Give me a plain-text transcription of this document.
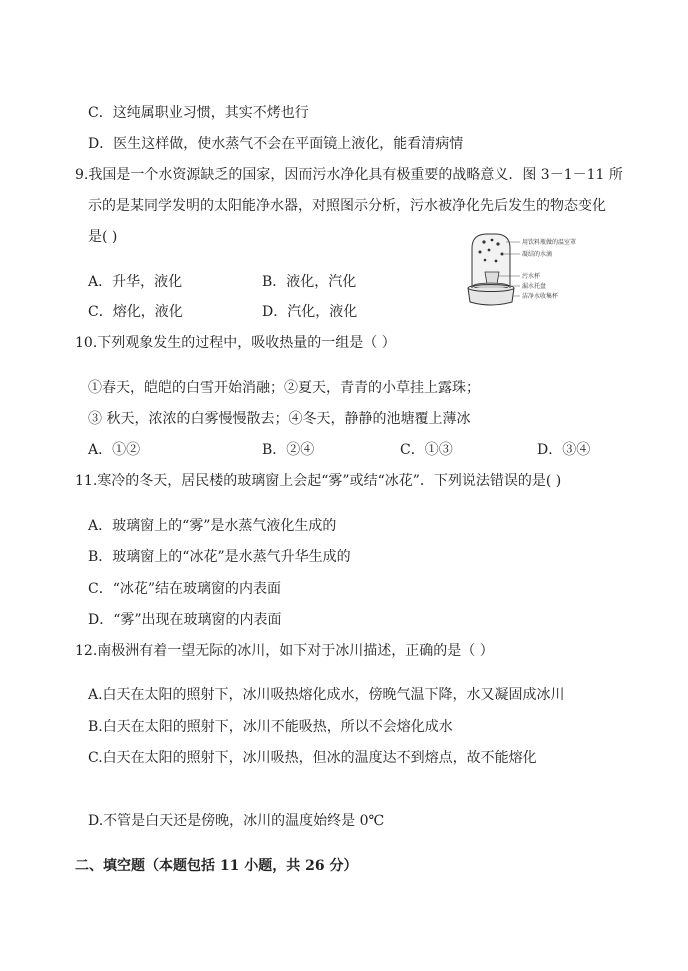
C．这纯属职业习惯，其实不烤也行
D．医生这样做，使水蒸气不会在平面镜上液化，能看清病情
9.我国是一个水资源缺乏的国家，因而污水净化具有极重要的战略意义．图 3－1－11 所
示的是某同学发明的太阳能净水器，对照图示分析，污水被净化先后发生的物态变化
是( )
A．升华，液化	B．液化，汽化
C．熔化，液化	D．汽化，液化
用饮料瓶做的温室罩
凝结的水滴
污水杯
漏水托盘
洁净水收集杯
10.下列观象发生的过程中，吸收热量的一组是（ ）
①春天，皑皑的白雪开始消融；②夏天，青青的小草挂上露珠；
③ 秋天，浓浓的白雾慢慢散去；④冬天，静静的池塘覆上薄冰
A．①②	B．②④	C．①③	D．③④
11.寒冷的冬天，居民楼的玻璃窗上会起“雾”或结“冰花”．下列说法错误的是( )
A．玻璃窗上的“雾”是水蒸气液化生成的
B．玻璃窗上的“冰花”是水蒸气升华生成的
C．“冰花”结在玻璃窗的内表面
D．“雾”出现在玻璃窗的内表面
12.南极洲有着一望无际的冰川，如下对于冰川描述，正确的是（ ）
A.白天在太阳的照射下，冰川吸热熔化成水，傍晚气温下降，水又凝固成冰川
B.白天在太阳的照射下，冰川不能吸热，所以不会熔化成水
C.白天在太阳的照射下，冰川吸热，但冰的温度达不到熔点，故不能熔化
D.不管是白天还是傍晚，冰川的温度始终是 0℃
二、填空题（本题包括 11 小题，共 26 分）
